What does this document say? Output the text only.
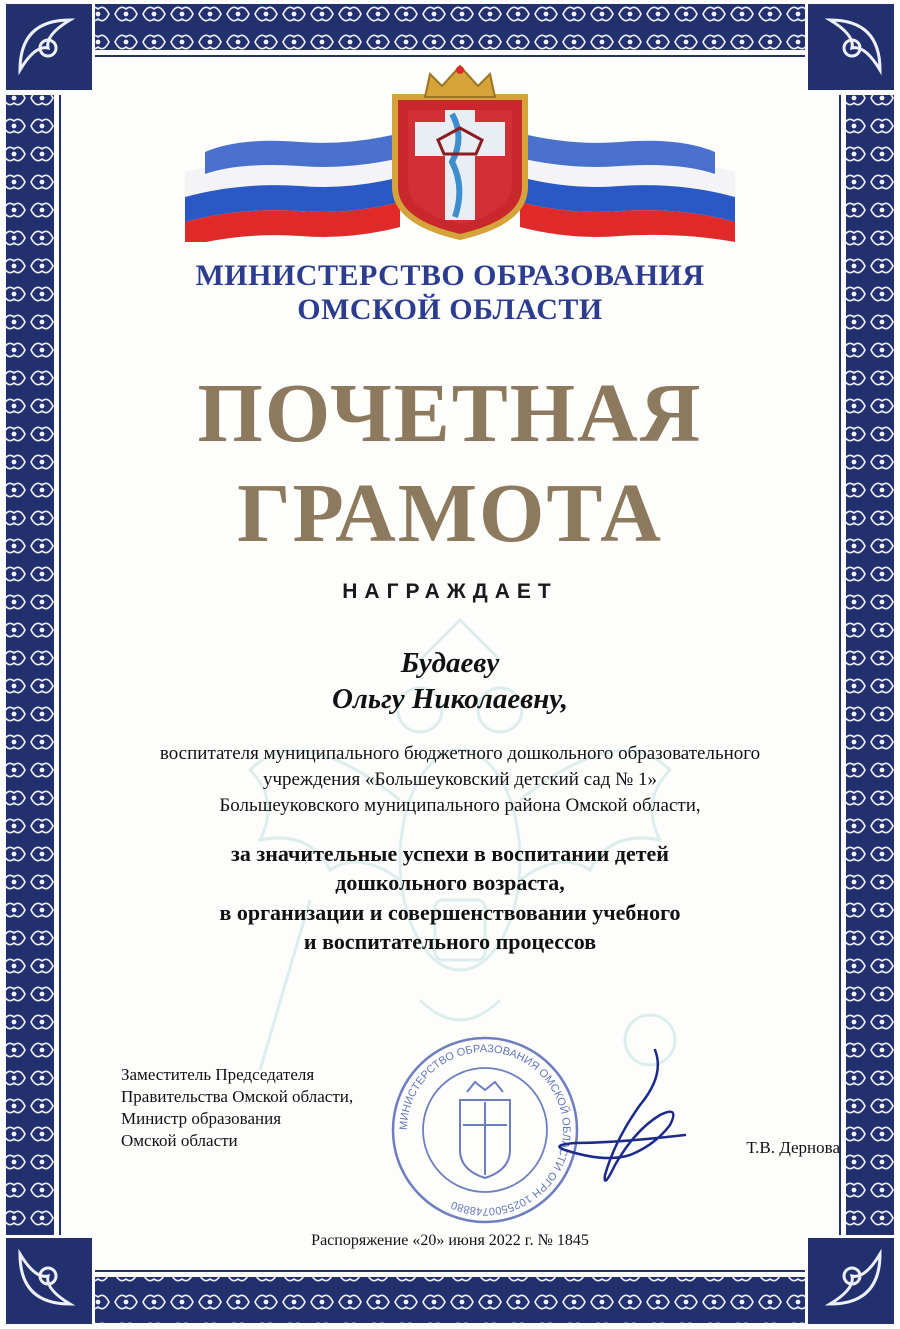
МИНИСТЕРСТВО ОБРАЗОВАНИЯ
ОМСКОЙ ОБЛАСТИ
ПОЧЕТНАЯ
ГРАМОТА
НАГРАЖДАЕТ
Будаеву
Ольгу Николаевну,
воспитателя муниципального бюджетного дошкольного образовательного
учреждения «Большеуковский детский сад № 1»
Большеуковского муниципального района Омской области,
за значительные успехи в воспитании детей
дошкольного возраста,
в организации и совершенствовании учебного
и воспитательного процессов
Заместитель Председателя
Правительства Омской области,
Министр образования
Омской области
МИНИСТЕРСТВО ОБРАЗОВАНИЯ ОМСКОЙ ОБЛАСТИ ОГРН 1025500748880
Т.В. Дернова
Распоряжение «20» июня 2022 г. № 1845
